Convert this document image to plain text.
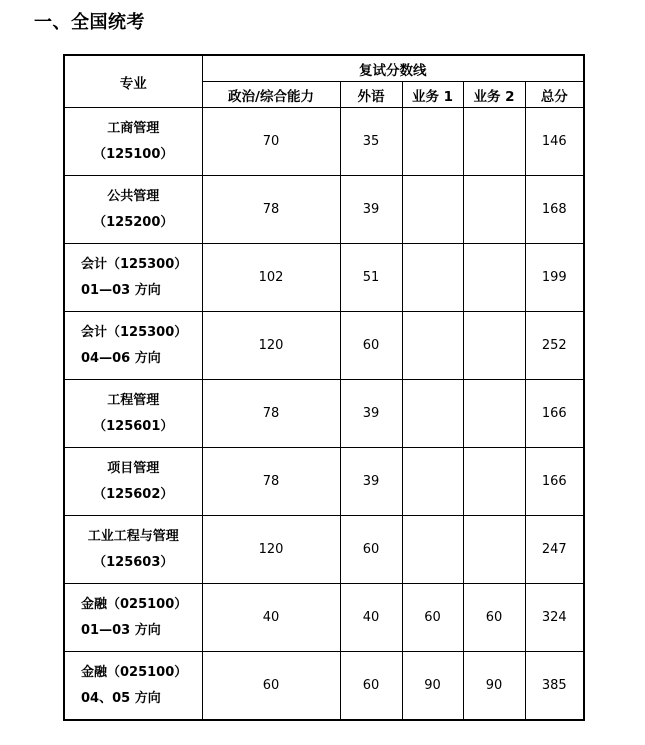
一、全国统考
专业	复试分数线				
	政治/综合能力	外语	业务 1	业务 2	总分

工商管理
（125100）	70	35			146

公共管理
（125200）	78	39			168

会计（125300）
01—03 方向	102	51			199

会计（125300）
04—06 方向	120	60			252

工程管理
（125601）	78	39			166

项目管理
（125602）	78	39			166

工业工程与管理
（125603）	120	60			247

金融（025100）
01—03 方向	40	40	60	60	324

金融（025100）
04、05 方向	60	60	90	90	385
